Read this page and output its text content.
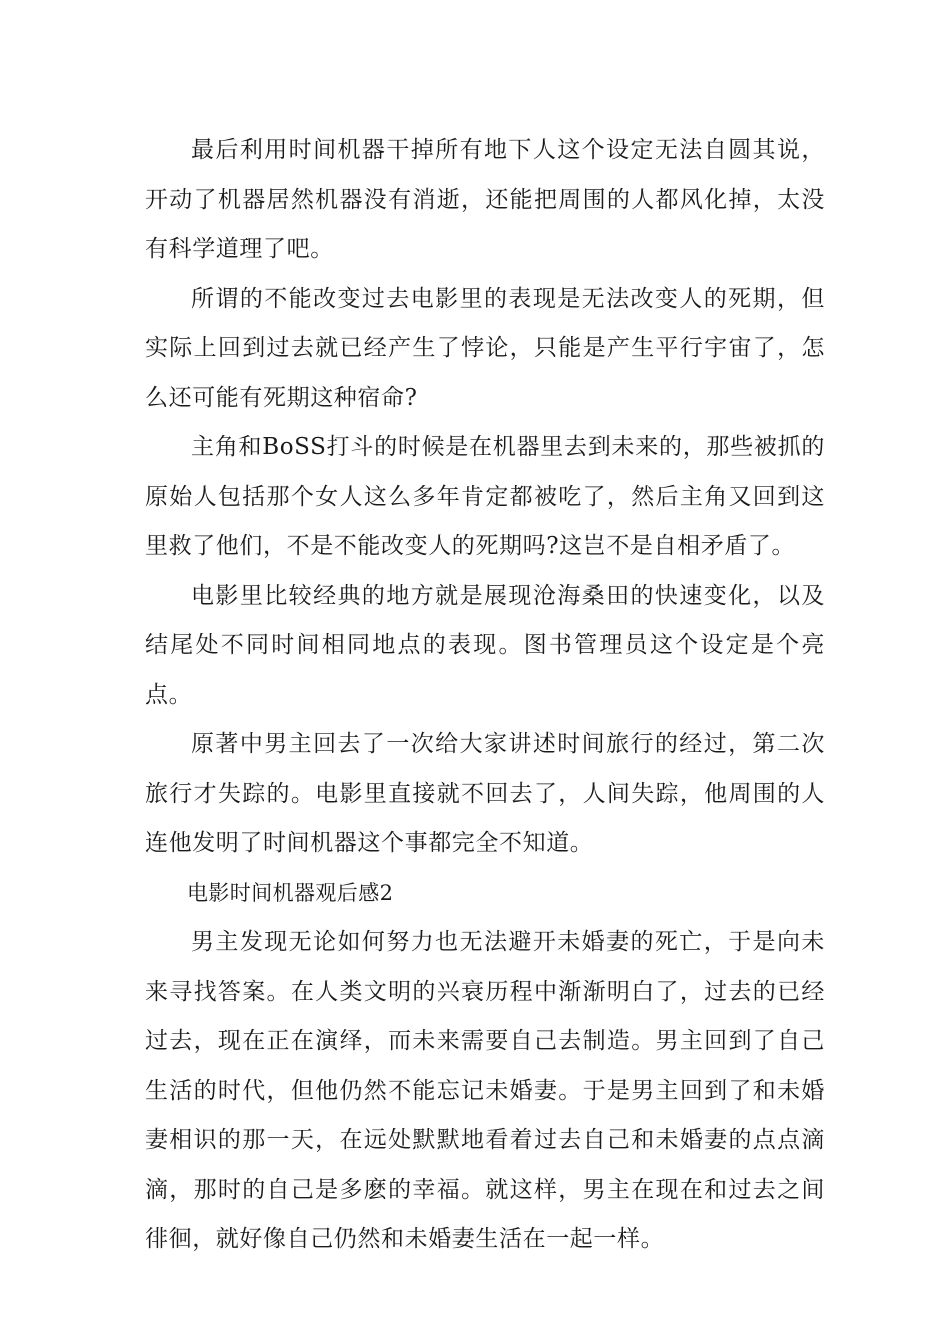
最后利用时间机器干掉所有地下人这个设定无法自圆其说，开动了机器居然机器没有消逝，还能把周围的人都风化掉，太没有科学道理了吧。

所谓的不能改变过去电影里的表现是无法改变人的死期，但实际上回到过去就已经产生了悖论，只能是产生平行宇宙了，怎么还可能有死期这种宿命?

主角和BoSS打斗的时候是在机器里去到未来的，那些被抓的原始人包括那个女人这么多年肯定都被吃了，然后主角又回到这里救了他们，不是不能改变人的死期吗?这岂不是自相矛盾了。

电影里比较经典的地方就是展现沧海桑田的快速变化，以及结尾处不同时间相同地点的表现。图书管理员这个设定是个亮点。

原著中男主回去了一次给大家讲述时间旅行的经过，第二次旅行才失踪的。电影里直接就不回去了，人间失踪，他周围的人连他发明了时间机器这个事都完全不知道。

电影时间机器观后感2

男主发现无论如何努力也无法避开未婚妻的死亡，于是向未来寻找答案。在人类文明的兴衰历程中渐渐明白了，过去的已经过去，现在正在演绎，而未来需要自己去制造。男主回到了自己生活的时代，但他仍然不能忘记未婚妻。于是男主回到了和未婚妻相识的那一天，在远处默默地看着过去自己和未婚妻的点点滴滴，那时的自己是多麽的幸福。就这样，男主在现在和过去之间徘徊，就好像自己仍然和未婚妻生活在一起一样。
